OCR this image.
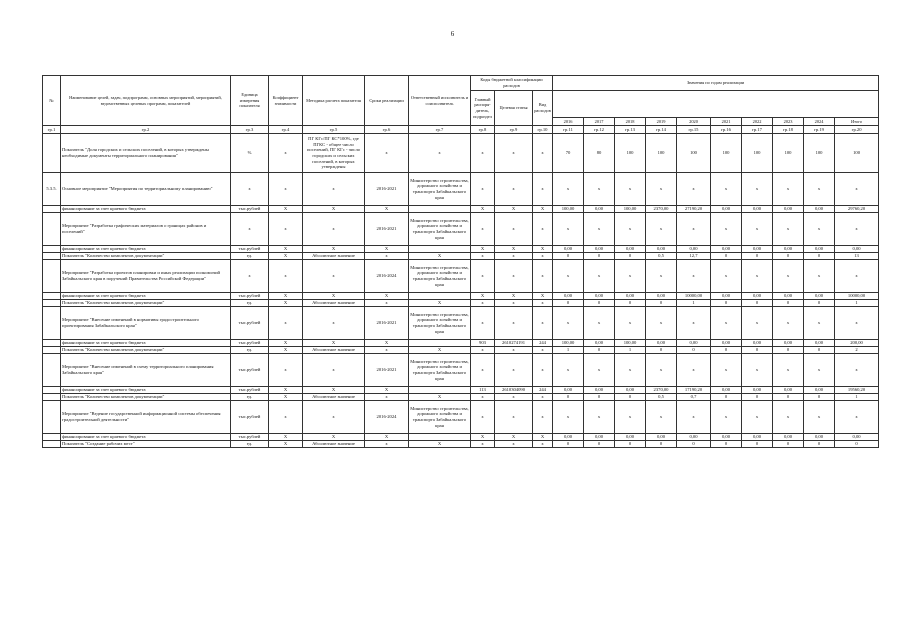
6
№	Наименование целей, задач, подпрограмм, основных мероприятий, мероприятий, ведомственных целевых программ, показателей	Единица измерения показателя	Коэффициент значимости	Методика расчета показателя	Сроки реализации	Ответственный исполнитель и соисполнитель	Коды бюджетной классификации расходов			Значения по годам реализации									
							Главный распоря-дитель, подраздел	Целевая статья	Вид расходов										
										2016	2017	2018	2019	2020	2021	2022	2023	2024	Итого
гр.1	гр.2	гр.3	гр.4	гр.5	гр.6	гр.7	гр.8	гр.9	гр.10	гр.11	гр.12	гр.13	гр.14	гр.15	гр.16	гр.17	гр.18	гр.19	гр.20
	Показатель "Доля городских и сельских поселений, в которых утверждены необходимые документы территориального планирования"	%	х	ПГ КГс/ПГ КС*100%, где ПГКС - общее число поселений, ПГ КГс - число городских и сельских поселений, в которых утверждены	х	х	х	х	х	70	80	100	100	100	100	100	100	100	100
5.3.5.	Основное мероприятие "Мероприятия по территориальному планированию"	х	х	х	2016-2021	Министерство строительства, дорожного хозяйства и транспорта Забайкальского края	х	х	х	х	х	х	х	х	х	х	х	х	х
	финансирование за счет краевого бюджета	тыс.рублей	Х	Х	Х		Х	Х	Х	100,00	0,00	100,00	2370,00	27190,20	0,00	0,00	0,00	0,00	29760,20
	Мероприятие "Разработка графических материалов о границах районов и поселений"	х	х	х	2016-2021	Министерство строительства, дорожного хозяйства и транспорта Забайкальского края	х	х	х	х	х	х	х	х	х	х	х	х	х
	финансирование за счет краевого бюджета	тыс.рублей	Х	Х	Х		Х	Х	Х	0,00	0,00	0,00	0,00	0,00	0,00	0,00	0,00	0,00	0,00
	Показатель "Количество комплектов документации"	ед.	Х	Абсолютное значение	х	Х	х	х	х	0	0	0	0,5	12,7	0	0	0	0	13
	Мероприятие "Разработка проектов планировки и иных реализации полномочий Забайкальского края в поручений Правительства Российской Федерации"	х	х	х	2016-2024	Министерство строительства, дорожного хозяйства и транспорта Забайкальского края	х	х	х	х	х	х	х	х	х	х	х	х	х
	финансирование за счет краевого бюджета	тыс.рублей	Х	Х	Х		Х	Х	Х	0,00	0,00	0,00	0,00	10000,00	0,00	0,00	0,00	0,00	10000,00
	Показатель "Количество комплектов документации"	ед.	Х	Абсолютное значение	х	Х	х	х	х	0	0	0	0	1	0	0	0	0	1
	Мероприятие "Внесение изменений в нормативы градостроительного проектирования Забайкальского края"	тыс.рублей	х	х	2016-2021	Министерство строительства, дорожного хозяйства и транспорта Забайкальского края	х	х	х	х	х	х	х	х	х	х	х	х	х
	финансирование за счет краевого бюджета	тыс.рублей	Х	Х	Х		903	2610274191	244	100,00	0,00	100,00	0,00	0,00	0,00	0,00	0,00	0,00	200,00
	Показатель "Количество комплектов документации"	ед.	Х	Абсолютное значение	х	Х	х	х	х	1	0	1	0	0	0	0	0	0	2
	Мероприятие "Внесение изменений в схему территориального планирования Забайкальского края"	тыс.рублей	х	х	2016-2021	Министерство строительства, дорожного хозяйства и транспорта Забайкальского края	х	х	х	х	х	х	х	х	х	х	х	х	х
	финансирование за счет краевого бюджета	тыс.рублей	Х	Х	Х		113	2610304090	244	0,00	0,00	0,00	2370,00	17190,20	0,00	0,00	0,00	0,00	19560,20
	Показатель "Количество комплектов документации"	ед.	Х	Абсолютное значение	х	Х	х	х	х	0	0	0	0,5	0,7	0	0	0	0	1
	Мероприятие "Ведение государственной информационной системы обеспечения градостроительной деятельности"	тыс.рублей	х	х	2016-2024	Министерство строительства, дорожного хозяйства и транспорта Забайкальского края	х	х	х	х	х	х	х	х	х	х	х	х	х
	финансирование за счет краевого бюджета	тыс.рублей	Х	Х	Х		Х	Х	Х	0,00	0,00	0,00	0,00	0,00	0,00	0,00	0,00	0,00	0,00
	Показатель "Создание рабочих мест"	ед.	Х	Абсолютное значение	х	Х	х	х	х	0	0	0	0	0	0	0	0	0	0
